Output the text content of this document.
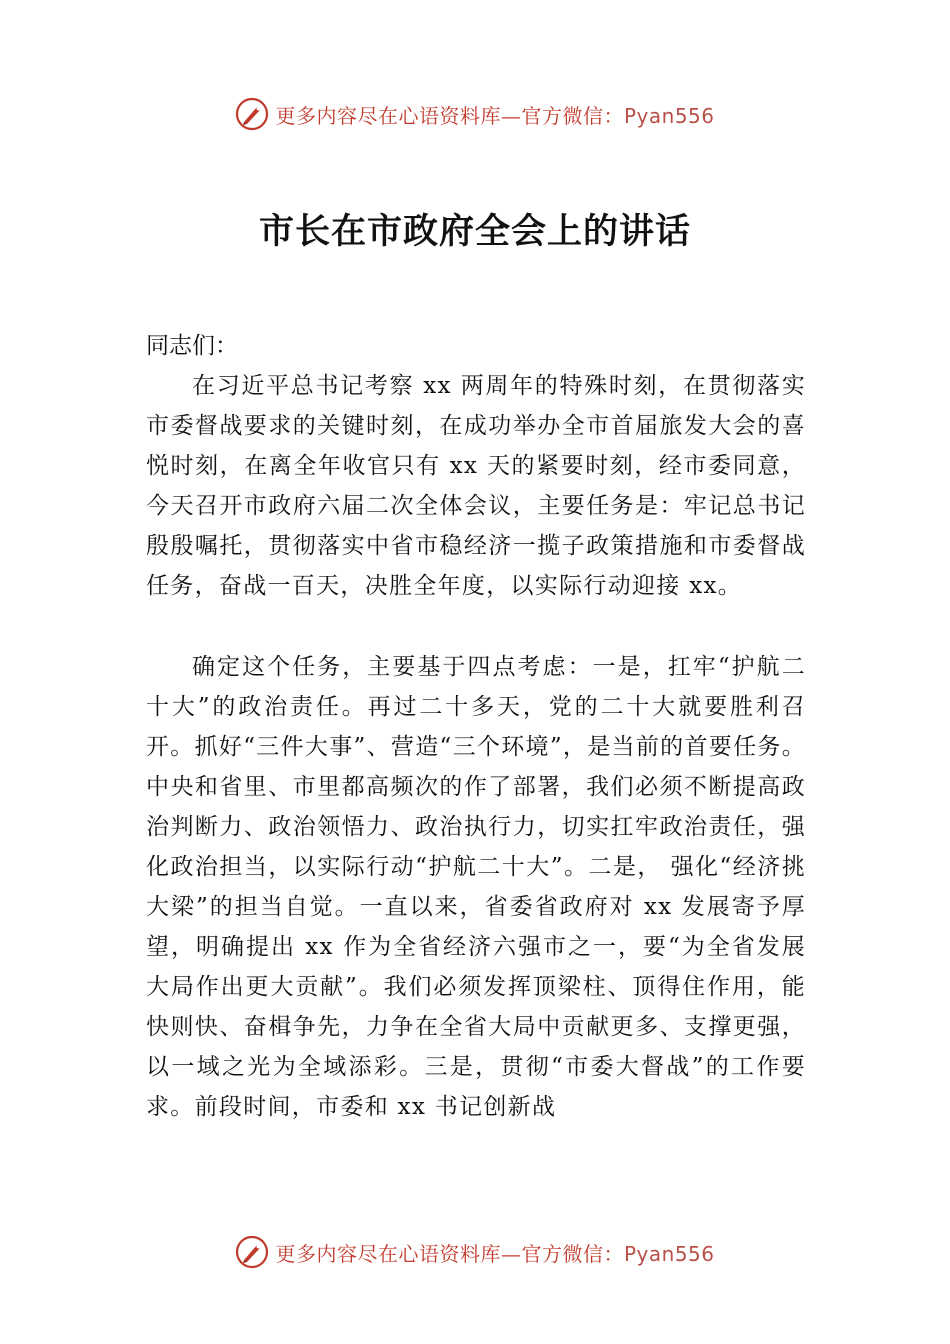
更多内容尽在心语资料库—官方微信：Pyan556
市长在市政府全会上的讲话
同志们：

在习近平总书记考察 xx 两周年的特殊时刻，在贯彻落实市委督战要求的关键时刻，在成功举办全市首届旅发大会的喜悦时刻，在离全年收官只有 xx 天的紧要时刻，经市委同意，今天召开市政府六届二次全体会议，主要任务是：牢记总书记殷殷嘱托，贯彻落实中省市稳经济一揽子政策措施和市委督战任务，奋战一百天，决胜全年度，以实际行动迎接 xx。

确定这个任务，主要基于四点考虑：一是，扛牢“护航二十大”的政治责任。再过二十多天，党的二十大就要胜利召开。抓好“三件大事”、营造“三个环境”，是当前的首要任务。中央和省里、市里都高频次的作了部署，我们必须不断提高政治判断力、政治领悟力、政治执行力，切实扛牢政治责任，强化政治担当，以实际行动“护航二十大”。二是， 强化“经济挑大梁”的担当自觉。一直以来，省委省政府对 xx 发展寄予厚望，明确提出 xx 作为全省经济六强市之一，要“为全省发展大局作出更大贡献”。我们必须发挥顶梁柱、顶得住作用，能快则快、奋楫争先，力争在全省大局中贡献更多、支撑更强，以一域之光为全域添彩。三是，贯彻“市委大督战”的工作要求。前段时间，市委和 xx 书记创新战

更多内容尽在心语资料库—官方微信：Pyan556
